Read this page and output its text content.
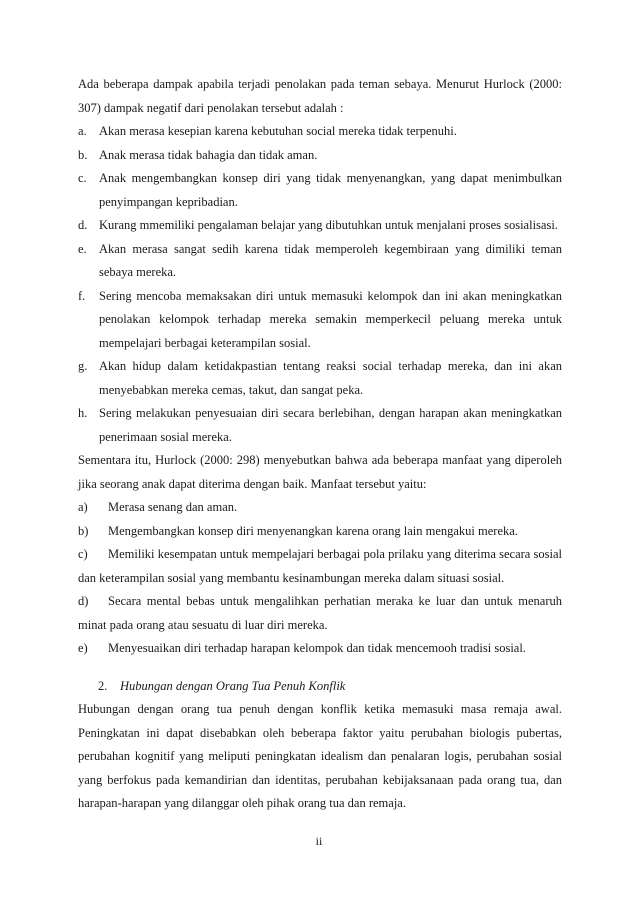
Ada beberapa dampak apabila terjadi penolakan pada teman sebaya. Menurut Hurlock (2000: 307) dampak negatif dari penolakan tersebut adalah :

a. Akan merasa kesepian karena kebutuhan social mereka tidak terpenuhi.
b. Anak merasa tidak bahagia dan tidak aman.
c. Anak mengembangkan konsep diri yang tidak menyenangkan, yang dapat menimbulkan penyimpangan kepribadian.
d. Kurang mmemiliki pengalaman belajar yang dibutuhkan untuk menjalani proses sosialisasi.
e. Akan merasa sangat sedih karena tidak memperoleh kegembiraan yang dimiliki teman sebaya mereka.
f.	Sering mencoba memaksakan diri untuk memasuki kelompok dan ini akan meningkatkan penolakan kelompok terhadap mereka semakin memperkecil peluang mereka untuk mempelajari berbagai keterampilan sosial.
g. Akan hidup dalam ketidakpastian tentang reaksi social terhadap mereka, dan ini akan menyebabkan mereka cemas, takut, dan sangat peka.
h. Sering melakukan penyesuaian diri secara berlebihan, dengan harapan akan meningkatkan penerimaan sosial mereka.

Sementara itu, Hurlock (2000: 298) menyebutkan bahwa ada beberapa manfaat yang diperoleh jika seorang anak dapat diterima dengan baik. Manfaat tersebut yaitu:

a)	Merasa senang dan aman.
b)	Mengembangkan konsep diri menyenangkan karena orang lain mengakui mereka.
c) Memiliki kesempatan untuk mempelajari berbagai pola prilaku yang diterima secara sosial dan keterampilan sosial yang membantu kesinambungan mereka dalam situasi sosial.
d) Secara mental bebas untuk mengalihkan perhatian meraka ke luar dan untuk menaruh minat pada orang atau sesuatu di luar diri mereka.
e)	Menyesuaikan diri terhadap harapan kelompok dan tidak mencemooh tradisi sosial.
2. Hubungan dengan Orang Tua Penuh Konflik

Hubungan dengan orang tua penuh dengan konflik ketika memasuki masa remaja awal. Peningkatan ini dapat disebabkan oleh beberapa faktor yaitu perubahan biologis pubertas, perubahan kognitif yang meliputi peningkatan idealism dan penalaran logis, perubahan sosial yang berfokus pada kemandirian dan identitas, perubahan kebijaksanaan pada orang tua, dan harapan-harapan yang dilanggar oleh pihak orang tua dan remaja.

ii
